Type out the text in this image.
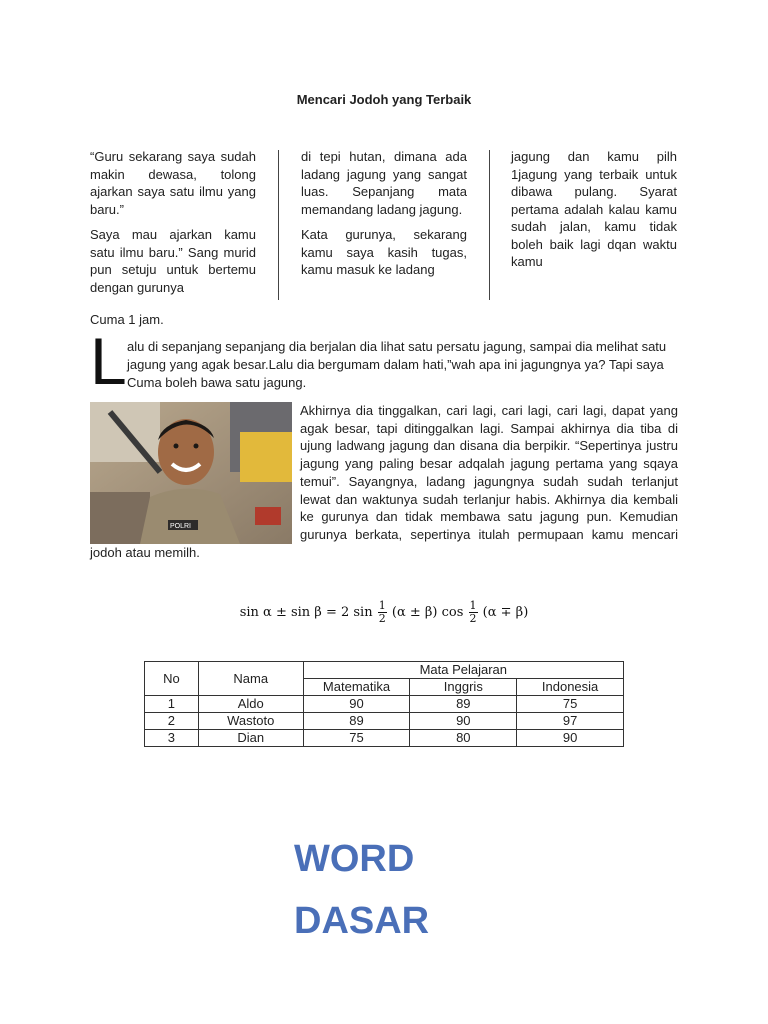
Mencari Jodoh yang Terbaik

“Guru sekarang saya sudah makin dewasa, tolong ajarkan saya satu ilmu yang baru.”

Saya mau ajarkan kamu satu ilmu baru.” Sang murid pun setuju untuk bertemu dengan gurunya

di tepi hutan, dimana ada ladang jagung yang sangat luas. Sepanjang mata memandang ladang jagung.

Kata gurunya, sekarang kamu saya kasih tugas, kamu masuk ke ladang

jagung dan kamu pilh 1jagung yang terbaik untuk dibawa pulang. Syarat pertama adalah kalau kamu sudah jalan, kamu tidak boleh baik lagi dqan waktu kamu

Cuma 1 jam.
L alu di sepanjang sepanjang dia berjalan dia lihat satu persatu jagung, sampai dia melihat satu jagung yang agak besar.Lalu dia bergumam dalam hati,”wah apa ini jagungnya ya? Tapi saya Cuma boleh bawa satu jagung.
Akhirnya dia tinggalkan, cari lagi, cari lagi, cari lagi, dapat yang agak besar, tapi ditinggalkan lagi. Sampai akhirnya dia tiba di ujung ladwang jagung dan disana dia berpikir. “Sepertinya justru jagung yang paling besar adqalah jagung pertama yang sqaya temui”. Sayangnya, ladang jagungnya sudah sudah terlanjut lewat dan waktunya sudah terlanjur habis. Akhirnya dia kembali ke gurunya dan tidak membawa satu jagung pun. Kemudian gurunya berkata, sepertinya itulah permupaan kamu mencari jodoh atau memilh.
POLRI
sin α ± sin β = 2 $\sin \frac{1}{2} (\alpha \pm \beta)$ $\cos \frac{1}{2} (\alpha \mp \beta)$
No	Nama	Mata Pelajaran		
		Matematika	Inggris	Indonesia
1	Aldo	90	89	75
2	Wastoto	89	90	97
3	Dian	75	80	90
WORD
DASAR
